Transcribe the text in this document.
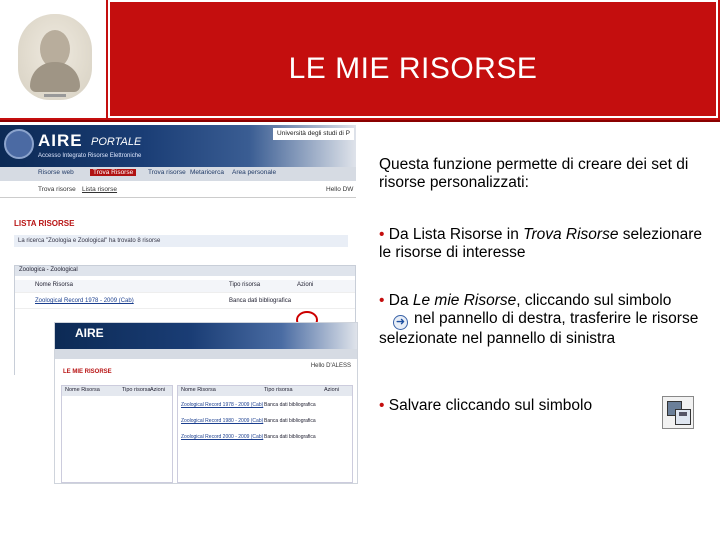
LE MIE RISORSE
AIRE PORTALE
Accesso Integrato Risorse Elettroniche
Università degli studi di P
Risorse web	Trova Risorse	Trova risorse Metaricerca Area personale
Trova risorse Lista risorse	Hello DW
LISTA RISORSE
La ricerca "Zoologia e Zoological" ha trovato 8 risorse
Zoologica - Zoological
Nome Risorsa	Tipo risorsa	Azioni
Zoological Record 1978 - 2009 (Cab)	Banca dati bibliografica
AIRE
Hello D'ALESS
LE MIE RISORSE
Nome Risorsa	Tipo risorsa Azioni	Nome Risorsa	Tipo risorsa	Azioni
Zoological Record 1978 - 2009 (Cab) Banca dati bibliografica
Zoological Record 1980 - 2009 (Cab) Banca dati bibliografica
Zoological Record 2000 - 2009 (Cab) Banca dati bibliografica
Questa funzione permette di creare dei set di risorse personalizzati:
• Da Lista Risorse in Trova Risorse selezionare le risorse di interesse
• Da Le mie Risorse, cliccando sul simbolo ➜ nel pannello di destra, trasferire le risorse selezionate nel pannello di sinistra
• Salvare cliccando sul simbolo
